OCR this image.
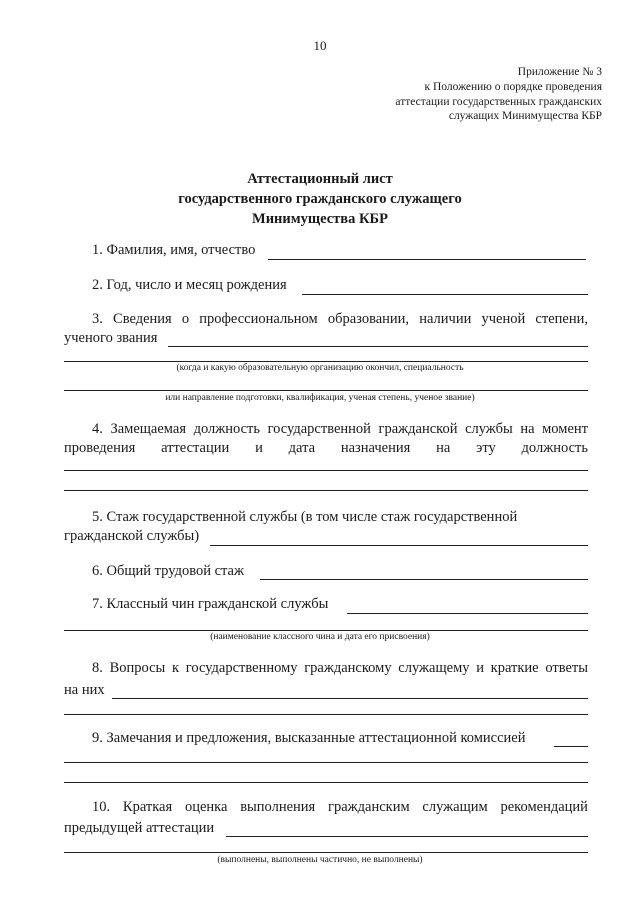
10

Приложение № 3

к Положению о порядке проведения

аттестации государственных гражданских

служащих Минимущества КБР

Аттестационный лист

государственного гражданского служащего

Минимущества КБР

1. Фамилия, имя, отчество
2. Год, число и месяц рождения
3. Сведения о профессиональном образовании, наличии ученой степени,
ученого звания

(когда и какую образовательную организацию окончил, специальность

или направление подготовки, квалификация, ученая степень, ученое звание)

4. Замещаемая должность государственной гражданской службы на момент
проведения аттестации и дата назначения на эту должность
5. Стаж государственной службы (в том числе стаж государственной
гражданской службы)
6. Общий трудовой стаж
7. Классный чин гражданской службы

(наименование классного чина и дата его присвоения)

8. Вопросы к государственному гражданскому служащему и краткие ответы
на них
9. Замечания и предложения, высказанные аттестационной комиссией
10. Краткая оценка выполнения гражданским служащим рекомендаций
предыдущей аттестации

(выполнены, выполнены частично, не выполнены)
